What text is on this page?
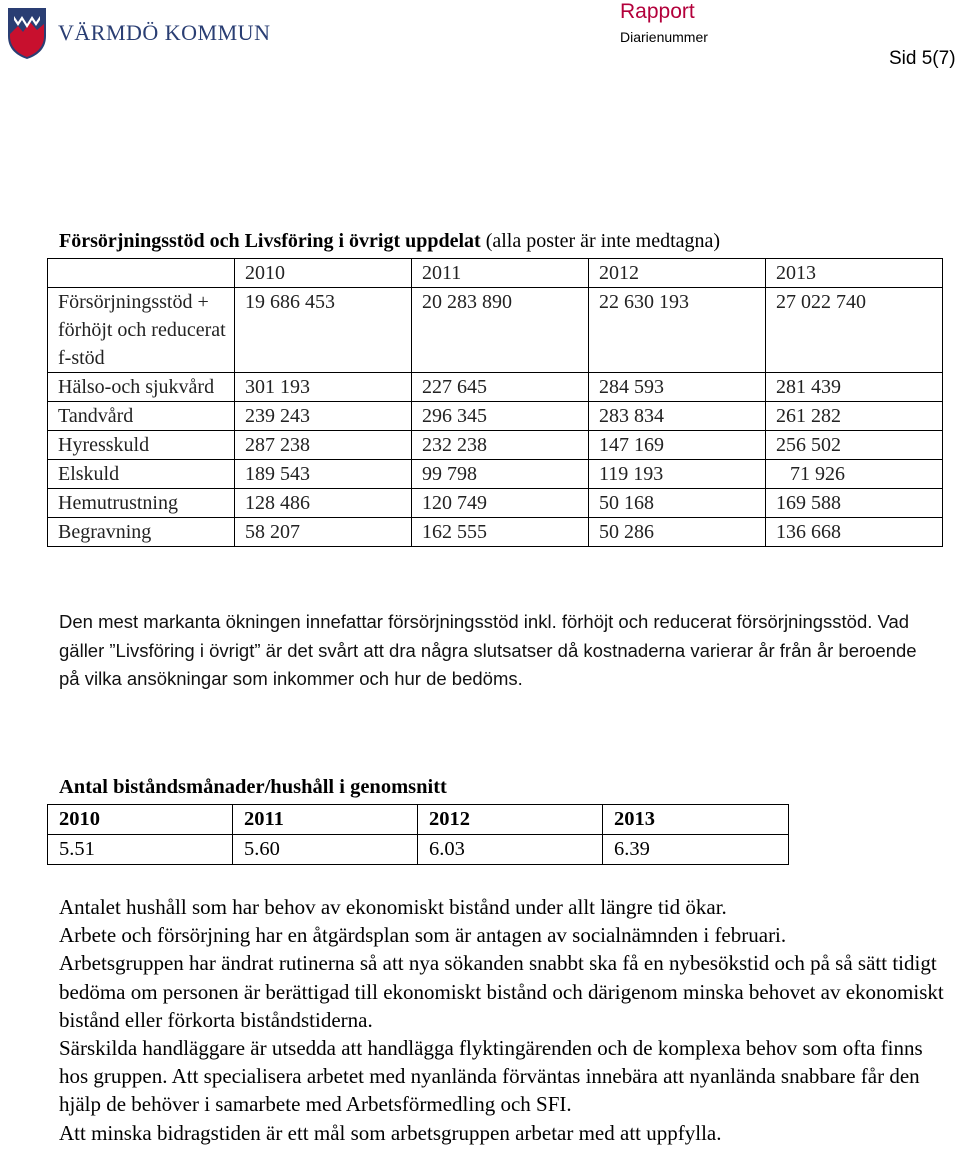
VÄRMDÖ KOMMUN
Rapport
Diarienummer
Sid 5(7)
Försörjningsstöd och Livsföring i övrigt uppdelat (alla poster är inte medtagna)
	2010	2011	2012	2013
Försörjningsstöd + förhöjt och reducerat f-stöd	19 686 453	20 283 890	22 630 193	27 022 740
Hälso-och sjukvård	301 193	227 645	284 593	281 439
Tandvård	239 243	296 345	283 834	261 282
Hyresskuld	287 238	232 238	147 169	256 502
Elskuld	189 543	99 798	119 193	71 926
Hemutrustning	128 486	120 749	50 168	169 588
Begravning	58 207	162 555	50 286	136 668

Den mest markanta ökningen innefattar försörjningsstöd inkl. förhöjt och reducerat försörjningsstöd. Vad gäller ”Livsföring i övrigt” är det svårt att dra några slutsatser då kostnaderna varierar år från år beroende på vilka ansökningar som inkommer och hur de bedöms.

Antal biståndsmånader/hushåll i genomsnitt
2010	2011	2012	2013
5.51	5.60	6.03	6.39

Antalet hushåll som har behov av ekonomiskt bistånd under allt längre tid ökar.

Arbete och försörjning har en åtgärdsplan som är antagen av socialnämnden i februari.

Arbetsgruppen har ändrat rutinerna så att nya sökanden snabbt ska få en nybesökstid och på så sätt tidigt bedöma om personen är berättigad till ekonomiskt bistånd och därigenom minska behovet av ekonomiskt bistånd eller förkorta biståndstiderna.

Särskilda handläggare är utsedda att handlägga flyktingärenden och de komplexa behov som ofta finns hos gruppen. Att specialisera arbetet med nyanlända förväntas innebära att nyanlända snabbare får den hjälp de behöver i samarbete med Arbetsförmedling och SFI.

Att minska bidragstiden är ett mål som arbetsgruppen arbetar med att uppfylla.
